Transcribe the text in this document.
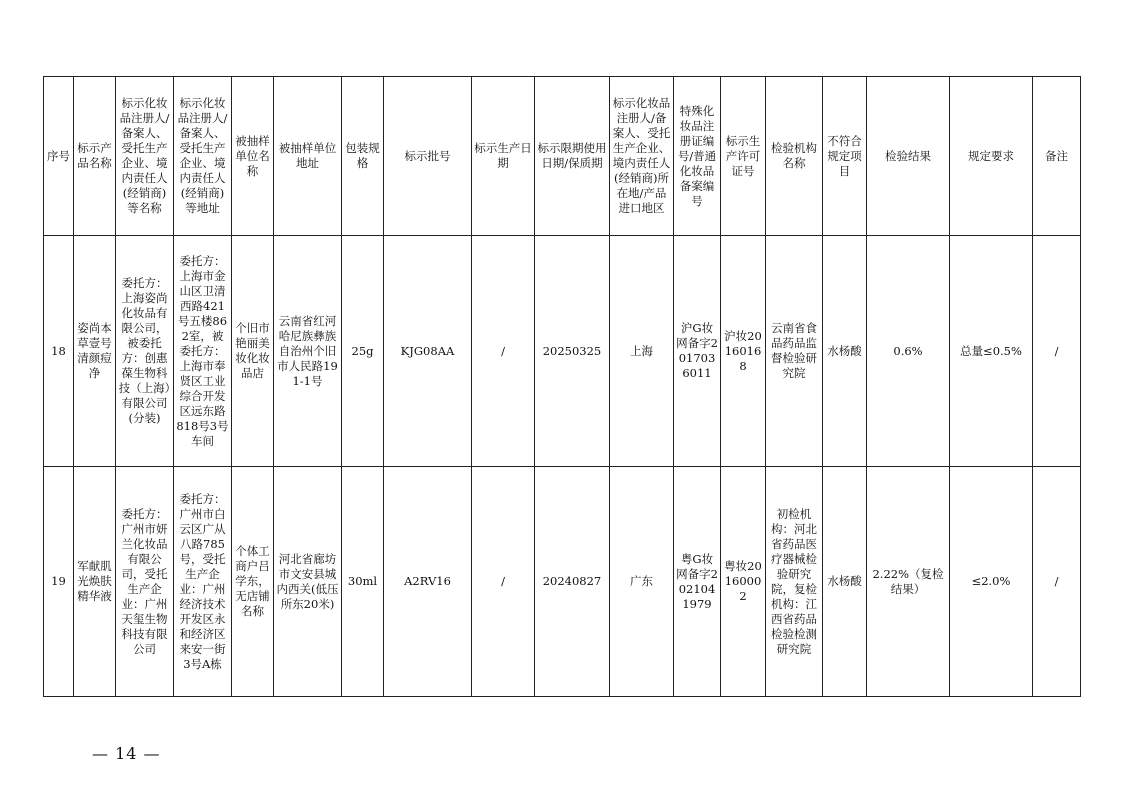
序号	标示产品名称	标示化妆品注册人/备案人、受托生产企业、境内责任人(经销商)等名称	标示化妆品注册人/备案人、受托生产企业、境内责任人(经销商)等地址	被抽样单位名称	被抽样单位地址	包装规格	标示批号	标示生产日期	标示限期使用日期/保质期	标示化妆品注册人/备案人、受托生产企业、境内责任人(经销商)所在地/产品进口地区	特殊化妆品注册证编号/普通化妆品备案编号	标示生产许可证号	检验机构名称	不符合规定项目	检验结果	规定要求	备注
18	姿尚本草壹号清颜痘净	委托方：上海姿尚化妆品有限公司，被委托方：创惠葆生物科技（上海）有限公司(分装)	委托方：上海市金山区卫清西路421号五楼862室，被委托方：上海市奉贤区工业综合开发区远东路818号3号车间	个旧市艳丽美妆化妆品店	云南省红河哈尼族彝族自治州个旧市人民路191-1号	25g	KJG08AA	/	20250325	上海	沪G妆网备字2017036011	沪妆20160168	云南省食品药品监督检验研究院	水杨酸	0.6%	总量≤0.5%	/
19	军献肌光焕肤精华液	委托方：广州市妍兰化妆品有限公司，受托生产企业：广州天玺生物科技有限公司	委托方：广州市白云区广从八路785号，受托生产企业：广州经济技术开发区永和经济区来安一街3号A栋	个体工商户吕学东，无店铺名称	河北省廊坊市文安县城内西关(低压所东20米)	30ml	A2RV16	/	20240827	广东	粤G妆网备字2021041979	粤妆20160002	初检机构：河北省药品医疗器械检验研究院，复检机构：江西省药品检验检测研究院	水杨酸	2.22%（复检结果）	≤2.0%	/
— 14 —
